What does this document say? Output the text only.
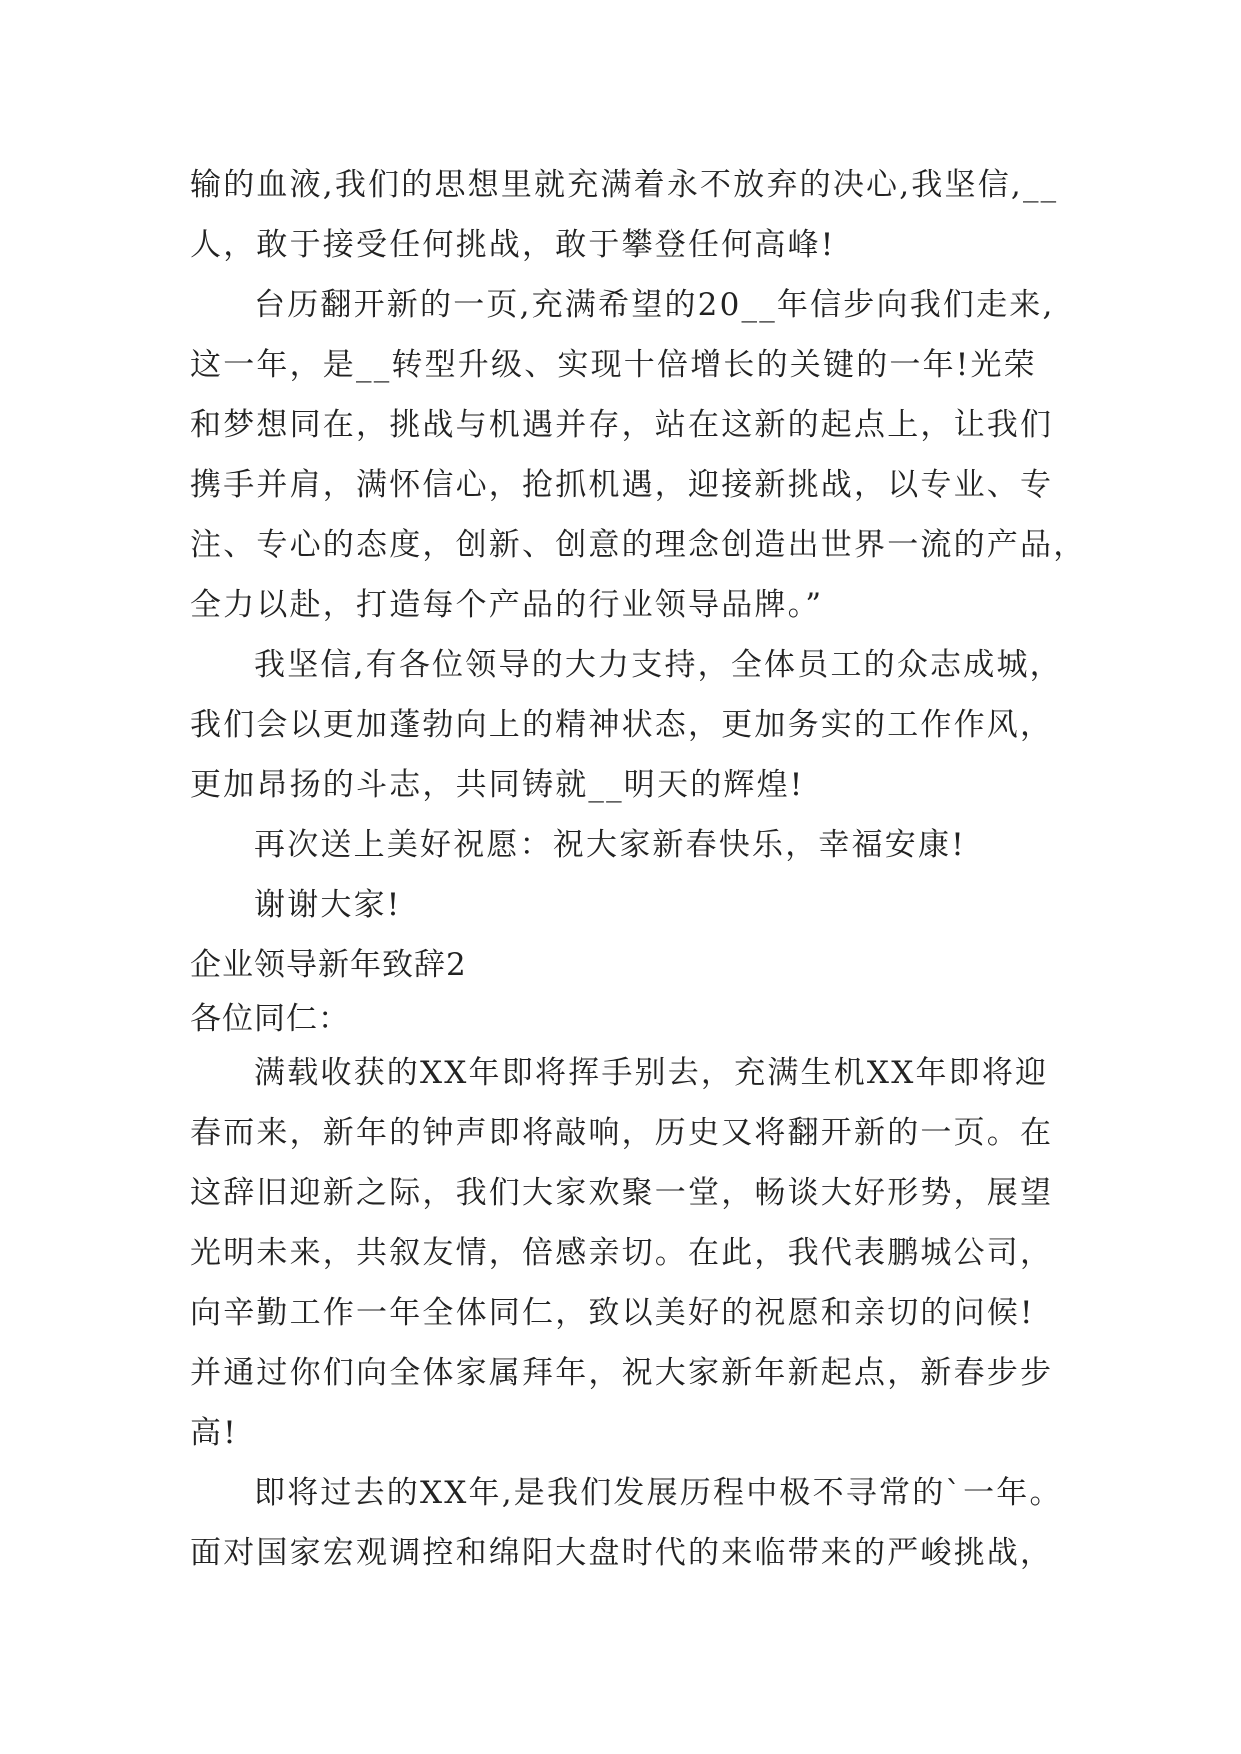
输的血液,我们的思想里就充满着永不放弃的决心,我坚信,__
人，敢于接受任何挑战，敢于攀登任何高峰!
台历翻开新的一页,充满希望的20__年信步向我们走来,
这一年，是__转型升级、实现十倍增长的关键的一年!光荣
和梦想同在，挑战与机遇并存，站在这新的起点上，让我们
携手并肩，满怀信心，抢抓机遇，迎接新挑战，以专业、专
注、专心的态度，创新、创意的理念创造出世界一流的产品，
全力以赴，打造每个产品的行业领导品牌。”
我坚信,有各位领导的大力支持，全体员工的众志成城，
我们会以更加蓬勃向上的精神状态，更加务实的工作作风，
更加昂扬的斗志，共同铸就__明天的辉煌!
再次送上美好祝愿：祝大家新春快乐，幸福安康!
谢谢大家!
企业领导新年致辞2
各位同仁：
满载收获的XX年即将挥手别去，充满生机XX年即将迎
春而来，新年的钟声即将敲响，历史又将翻开新的一页。在
这辞旧迎新之际，我们大家欢聚一堂，畅谈大好形势，展望
光明未来，共叙友情，倍感亲切。在此，我代表鹏城公司，
向辛勤工作一年全体同仁，致以美好的祝愿和亲切的问候!
并通过你们向全体家属拜年，祝大家新年新起点，新春步步
高!
即将过去的XX年,是我们发展历程中极不寻常的`一年。
面对国家宏观调控和绵阳大盘时代的来临带来的严峻挑战，
